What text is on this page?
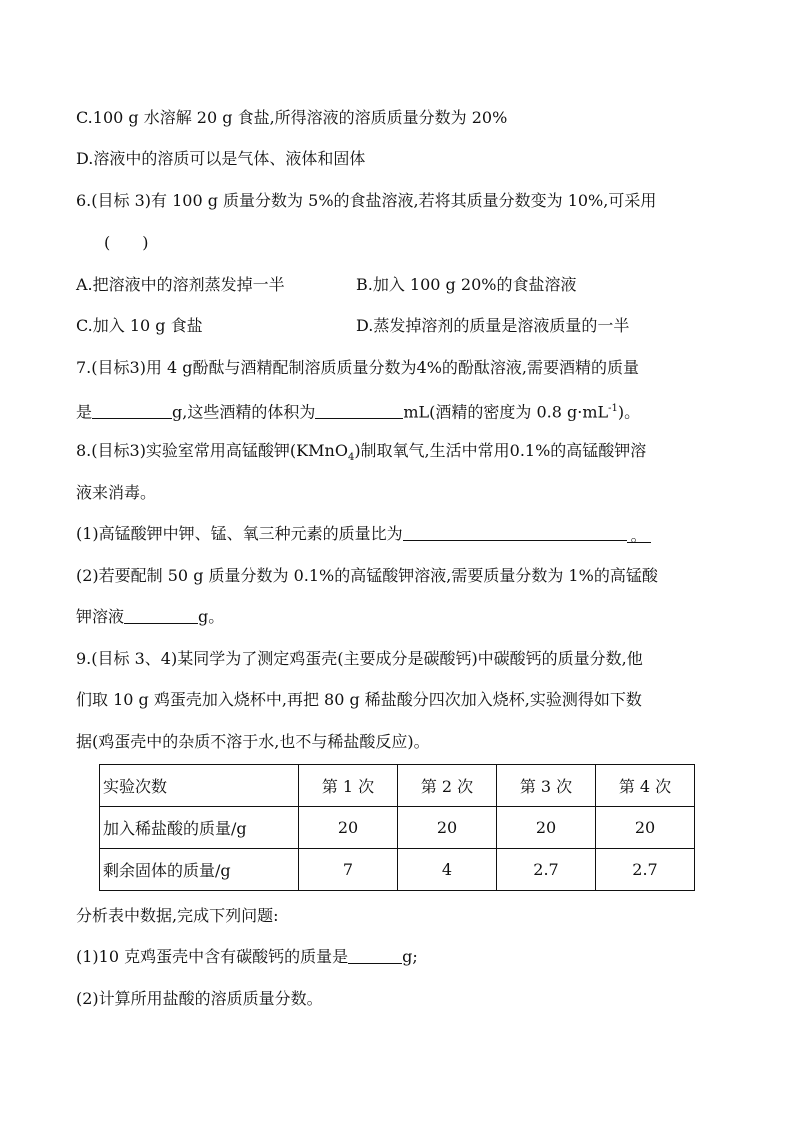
C.100 g 水溶解 20 g 食盐,所得溶液的溶质质量分数为 20%
D.溶液中的溶质可以是气体、液体和固体
6.(目标 3)有 100 g 质量分数为 5%的食盐溶液,若将其质量分数变为 10%,可采用
(　　)
A.把溶液中的溶剂蒸发掉一半	B.加入 100 g 20%的食盐溶液
C.加入 10 g 食盐	D.蒸发掉溶剂的质量是溶液质量的一半
7.(目标3)用 4 g酚酞与酒精配制溶质质量分数为4%的酚酞溶液,需要酒精的质量
是	g,这些酒精的体积为	mL(酒精的密度为 0.8 $g\cdot mL^{-1}$)。
8.(目标3)实验室常用高锰酸钾(KMnO$_4$)制取氧气,生活中常用0.1%的高锰酸钾溶
液来消毒。
(1)高锰酸钾中钾、锰、氧三种元素的质量比为	。
(2)若要配制 50 g 质量分数为 0.1%的高锰酸钾溶液,需要质量分数为 1%的高锰酸
钾溶液	g。
9.(目标 3、4)某同学为了测定鸡蛋壳(主要成分是碳酸钙)中碳酸钙的质量分数,他
们取 10 g 鸡蛋壳加入烧杯中,再把 80 g 稀盐酸分四次加入烧杯,实验测得如下数
据(鸡蛋壳中的杂质不溶于水,也不与稀盐酸反应)。
实验次数	第 1 次	第 2 次	第 3 次	第 4 次
加入稀盐酸的质量/g	20	20	20	20
剩余固体的质量/g	7	4	2.7	2.7
分析表中数据,完成下列问题:
(1)10 克鸡蛋壳中含有碳酸钙的质量是	g;
(2)计算所用盐酸的溶质质量分数。
